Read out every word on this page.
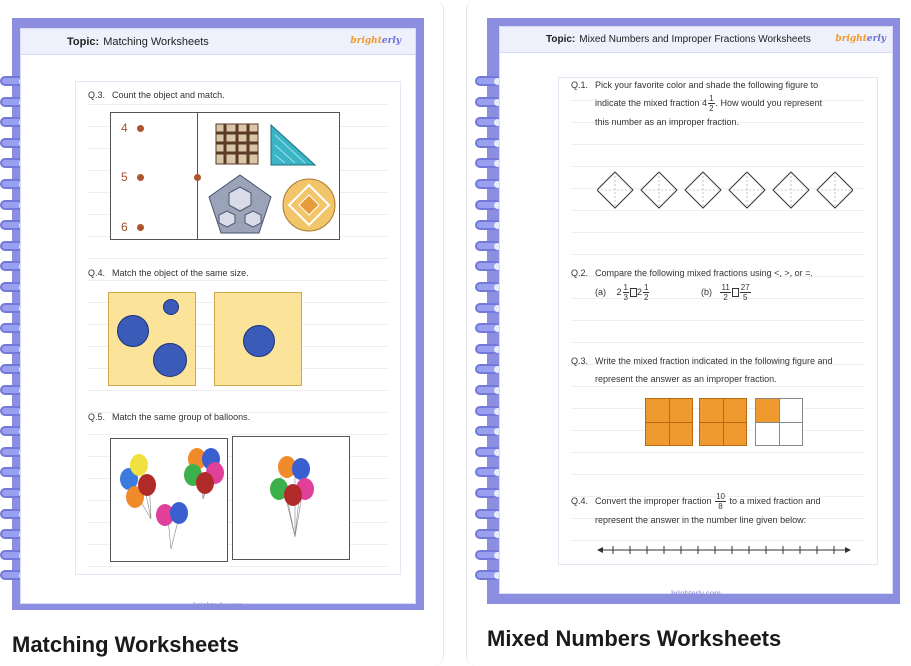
Topic: Matching Worksheets	brighterly
Q.3. Count the object and match.
4
5
6
Q.4. Match the object of the same size.
Q.5. Match the same group of balloons.
brighterly.com
Matching Worksheets
Topic: Mixed Numbers and Improper Fractions Worksheets	brighterly
Q.1. Pick your favorite color and shade the following figure to
indicate the mixed fraction $4 \frac{1}{2}$ . How would you represent
this number as an improper fraction.
Q.2. Compare the following mixed fractions using <, >, or =.
(a) $2 \frac{1}{3} 2 \frac{1}{2}$	$(b) \frac{11}{2} \frac{27}{5}$
Q.3. Write the mixed fraction indicated in the following figure and
represent the answer as an improper fraction.
Q.4. Convert the improper fraction $\frac{10}{8}$ to a mixed fraction and
represent the answer in the number line given below:
brighterly.com
Mixed Numbers Worksheets
